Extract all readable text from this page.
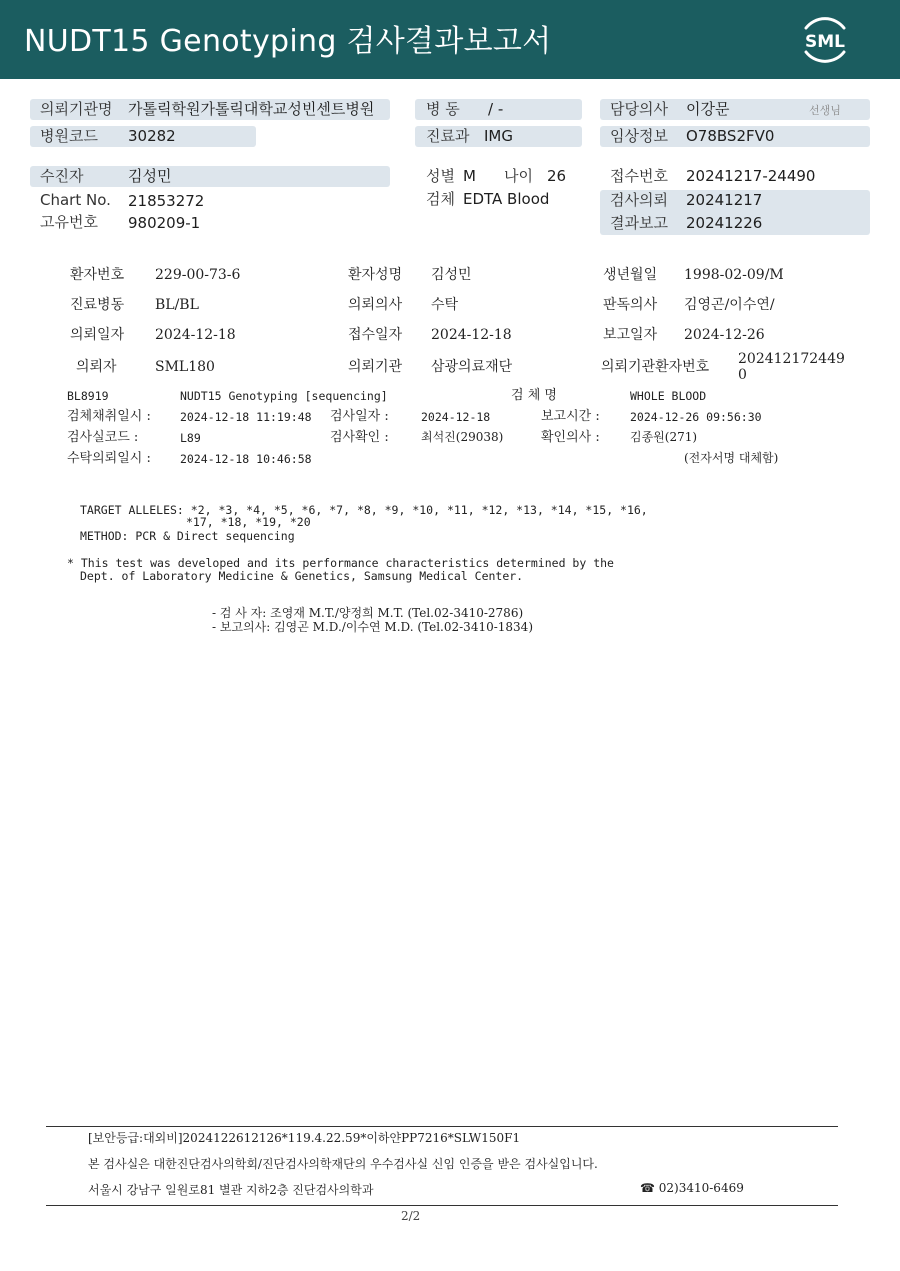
NUDT15 Genotyping 검사결과보고서	SML
의뢰기관명 가톨릭학원가톨릭대학교성빈센트병원	병 동 / -	담당의사 이강문	선생님
병원코드 30282	진료과 IMG	임상정보 O78BS2FV0
수진자	김성민	성별 M 나이 26	접수번호 20241217-24490
Chart No. 21853272	검체 EDTA Blood	검사의뢰 20241217
고유번호 980209-1	결과보고 20241226
환자번호 229-00-73-6	환자성명 김성민	생년월일 1998-02-09/M
진료병동 BL/BL	의뢰의사 수탁	판독의사 김영곤/이수연/
의뢰일자 2024-12-18	접수일자 2024-12-18	보고일자 2024-12-26
의뢰자	SML180	의뢰기관 삼광의료재단	의뢰기관환자번호 202412172449
0
BL8919	NUDT15 Genotyping [sequencing]	검 체 명	WHOLE BLOOD
검체채취일시 :	2024-12-18 11:19:48 검사일자 :	2024-12-18	보고시간 :	2024-12-26 09:56:30
검사실코드 :	L89	검사확인 :	최석진(29038)	확인의사 :	김종원(271)
수탁의뢰일시 :	2024-12-18 10:46:58	(전자서명 대체함)
TARGET ALLELES: *2, *3, *4, *5, *6, *7, *8, *9, *10, *11, *12, *13, *14, *15, *16,
*17, *18, *19, *20
METHOD: PCR & Direct sequencing
* This test was developed and its performance characteristics determined by the
Dept. of Laboratory Medicine & Genetics, Samsung Medical Center.
- 검 사 자: 조영재 M.T./양정희 M.T. (Tel.02-3410-2786)
- 보고의사: 김영곤 M.D./이수연 M.D. (Tel.02-3410-1834)
[보안등급:대외비]2024122612126*119.4.22.59*이하얀PP7216*SLW150F1
본 검사실은 대한진단검사의학회/진단검사의학재단의 우수검사실 신임 인증을 받은 검사실입니다.
서울시 강남구 일원로81 별관 지하2층 진단검사의학과	☎ 02)3410-6469
2/2
